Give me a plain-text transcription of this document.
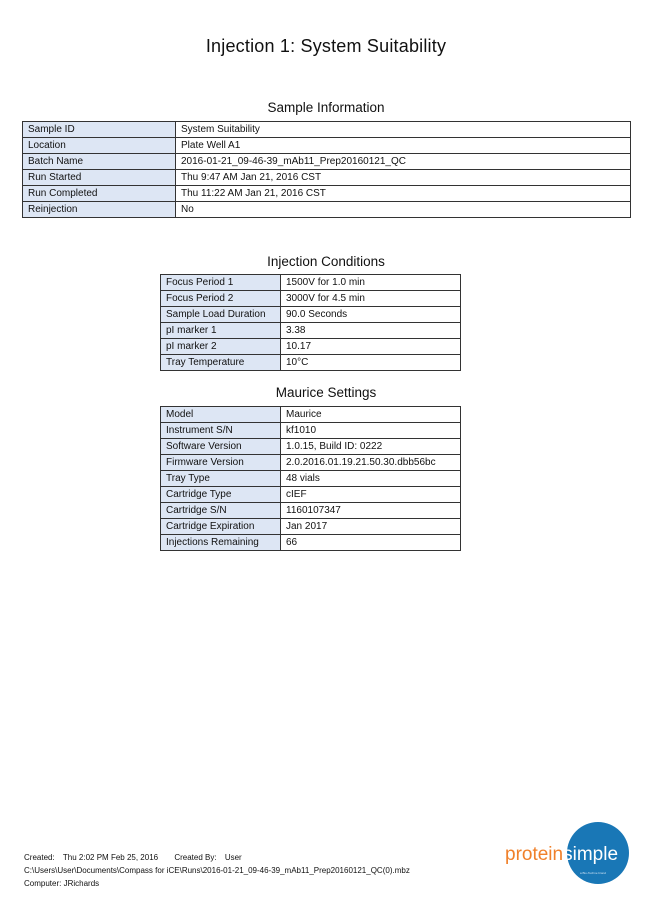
Injection 1: System Suitability
Sample Information
Sample ID	System Suitability
Location	Plate Well A1
Batch Name	2016-01-21_09-46-39_mAb11_Prep20160121_QC
Run Started	Thu 9:47 AM Jan 21, 2016 CST
Run Completed	Thu 11:22 AM Jan 21, 2016 CST
Reinjection	No
Injection Conditions
Focus Period 1	1500V for 1.0 min
Focus Period 2	3000V for 4.5 min
Sample Load Duration	90.0 Seconds
pI marker 1	3.38
pI marker 2	10.17
Tray Temperature	10°C
Maurice Settings
Model	Maurice
Instrument S/N	kf1010
Software Version	1.0.15, Build ID: 0222
Firmware Version	2.0.2016.01.19.21.50.30.dbb56bc
Tray Type	48 vials
Cartridge Type	cIEF
Cartridge S/N	1160107347
Cartridge Expiration	Jan 2017
Injections Remaining	66
Created: Thu 2:02 PM Feb 25, 2016 Created By: User
C:\Users\User\Documents\Compass for iCE\Runs\2016-01-21_09-46-39_mAb11_Prep20160121_QC(0).mbz
Computer: JRichards
proteinsimple
a Bio-Techne brand
